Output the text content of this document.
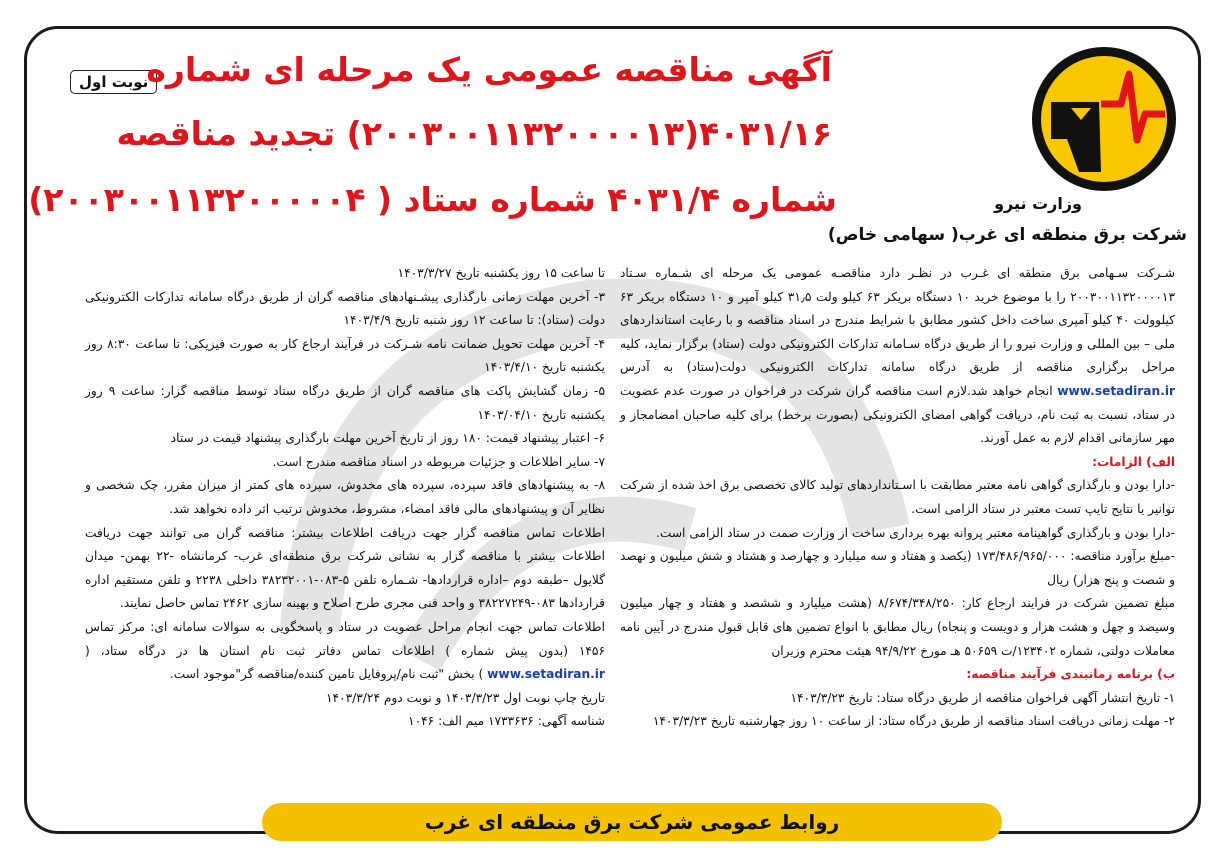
وزارت نیرو
شرکت برق منطقه ای غرب( سهامی خاص)
نوبت اول
آگهی مناقصه عمومی یک مرحله ای شماره
۴۰۳۱/۱۶(۲۰۰۳۰۰۱۱۳۲۰۰۰۰۱۳) تجدید مناقصه
شماره ۴۰۳۱/۴ شماره ستاد ( ۲۰۰۳۰۰۱۱۳۲۰۰۰۰۰۴)

شـرکت سـهامی برق منطقه ای غـرب در نظـر دارد مناقصـه عمومی یک مرحله ای شـماره سـتاد ۲۰۰۳۰۰۱۱۳۲۰۰۰۰۱۳ را با موضوع خرید ۱۰ دستگاه بریکر ۶۳ کیلو ولت ۳۱٫۵ کیلو آمپر و ۱۰ دستگاه بریکر ۶۳ کیلوولت ۴۰ کیلو آمپری ساخت داخل کشور مطابق با شرایط مندرج در اسناد مناقصه و با رعایت استانداردهای ملی – بین المللی و وزارت نیرو را از طریق درگاه سـامانه تدارکات الکترونیکی دولت (ستاد) برگزار نماید، کلیه مراحل برگزاری مناقصه از طریق درگاه سامانه تدارکات الکترونیکی دولت(ستاد) به آدرس www.setadiran.ir انجام خواهد شد.لازم است مناقصه گران شرکت در فراخوان در صورت عدم عضویت در ستاد، نسبت به ثبت نام، دریافت گواهی امضای الکترونیکی (بصورت برخط) برای کلیه صاحبان امضامجاز و مهر سازمانی اقدام لازم به عمل آورند.

الف) الزامات:

-دارا بودن و بارگذاری گواهی نامه معتبر مطابقت با اسـتانداردهای تولید کالای تخصصی برق اخذ شده از شرکت توانیر یا نتایج تایپ تست معتبر در ستاد الزامی است.

-دارا بودن و بارگذاری گواهینامه معتبر پروانه بهره برداری ساخت از وزارت صمت در ستاد الزامی است.

-مبلغ برآورد مناقصه: ۱۷۳/۴۸۶/۹۶۵/۰۰۰ (یکصد و هفتاد و سه میلیارد و چهارصد و هشتاد و شش میلیون و نهصد و شصت و پنج هزار) ریال

مبلغ تضمین شرکت در فرایند ارجاع کار: ۸/۶۷۴/۳۴۸/۲۵۰ (هشت میلیارد و ششصد و هفتاد و چهار میلیون وسیصد و چهل و هشت هزار و دویست و پنجاه) ریال مطابق با انواع تضمین های قابل قبول مندرج در آیین نامه معاملات دولتی، شماره ۱۲۳۴۰۲/ت ۵۰۶۵۹ هـ مورخ ۹۴/۹/۲۲ هیئت محترم وزیران

ب) برنامه زمانبندی فرآیند مناقصه:

۱- تاریخ انتشار آگهی فراخوان مناقصه از طریق درگاه ستاد: تاریخ ۱۴۰۳/۳/۲۳

۲- مهلت زمانی دریافت اسناد مناقصه از طریق درگاه ستاد: از ساعت ۱۰ روز چهارشنبه تاریخ ۱۴۰۳/۳/۲۳

تا ساعت ۱۵ روز یکشنبه تاریخ ۱۴۰۳/۳/۲۷

۳- آخرین مهلت زمانی بارگذاری پیشـنهادهای مناقصه گران از طریق درگاه سامانه تدارکات الکترونیکی دولت (ستاد): تا ساعت ۱۲ روز شنبه تاریخ ۱۴۰۳/۴/۹

۴- آخرین مهلت تحویل ضمانت نامه شـرکت در فرآیند ارجاع کار به صورت فیزیکی: تا ساعت ۸:۳۰ روز یکشنبه تاریخ ۱۴۰۳/۴/۱۰

۵- زمان گشایش پاکت های مناقصه گران از طریق درگاه ستاد توسط مناقصه گزار: ساعت ۹ روز یکشنبه تاریخ ۱۴۰۳/۰۴/۱۰

۶- اعتبار پیشنهاد قیمت: ۱۸۰ روز از تاریخ آخرین مهلت بارگذاری پیشنهاد قیمت در ستاد

۷- سایر اطلاعات و جزئیات مربوطه در اسناد مناقصه مندرج است.

۸- به پیشنهادهای فاقد سپرده، سپرده های مخدوش، سپرده های کمتر از میزان مقرر، چک شخصی و نظایر آن و پیشنهادهای مالی فاقد امضاء، مشروط، مخدوش ترتیب اثر داده نخواهد شد.

اطلاعات تماس مناقصه گزار جهت دریافت اطلاعات بیشتر: مناقصه گران می توانند جهت دریافت اطلاعات بیشتر با مناقصه گزار به نشانی شرکت برق منطقه‌ای غرب- کرمانشاه -۲۲ بهمن- میدان گلایول –طبقه دوم –اداره قراردادها- شـماره تلفن ۵-۰۸۳-۳۸۲۳۲۰۰۱ داخلی ۲۲۳۸ و تلفن مستقیم اداره قراردادها ۰۸۳-۳۸۲۲۷۲۴۹ و واحد فنی مجری طرح اصلاح و بهینه سازی ۲۴۶۲ تماس حاصل نمایند.

اطلاعات تماس جهت انجام مراحل عضویت در ستاد و پاسخگویی به سوالات سامانه ای: مرکز تماس ۱۴۵۶ (بدون پیش شماره ) اطلاعات تماس دفاتر ثبت نام استان ها در درگاه ستاد، ( www.setadiran.ir ) بخش "ثبت نام/پروفایل تامین کننده/مناقصه گر"موجود است.

تاریخ چاپ نوبت اول ۱۴۰۳/۳/۲۳ و نوبت دوم ۱۴۰۳/۳/۲۴

شناسه آگهی: ۱۷۳۳۶۳۶ میم الف: ۱۰۴۶

روابط عمومی شرکت برق منطقه ای غرب
